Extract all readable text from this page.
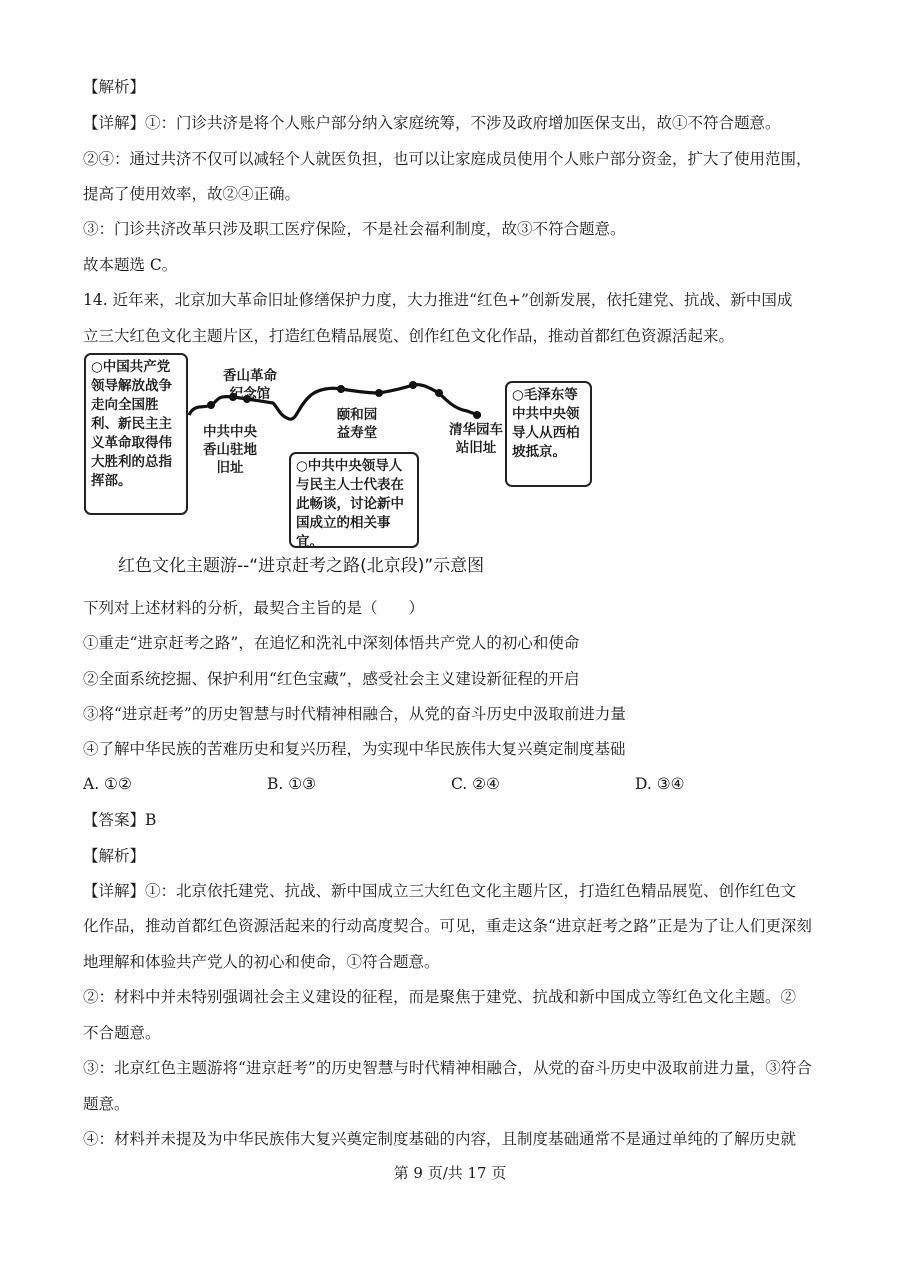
【解析】
【详解】①：门诊共济是将个人账户部分纳入家庭统筹，不涉及政府增加医保支出，故①不符合题意。
②④：通过共济不仅可以减轻个人就医负担，也可以让家庭成员使用个人账户部分资金，扩大了使用范围，
提高了使用效率，故②④正确。
③：门诊共济改革只涉及职工医疗保险，不是社会福利制度，故③不符合题意。
故本题选 C。
14. 近年来，北京加大革命旧址修缮保护力度，大力推进“红色+”创新发展，依托建党、抗战、新中国成
立三大红色文化主题片区，打造红色精品展览、创作红色文化作品，推动首都红色资源活起来。
○中国共产党领导解放战争走向全国胜利、新民主主义革命取得伟大胜利的总指挥部。
○中共中央领导人与民主人士代表在此畅谈，讨论新中国成立的相关事宜。
○毛泽东等中共中央领导人从西柏坡抵京。
香山革命纪念馆
中共中央香山驻地旧址
颐和园益寿堂	清华园车站旧址
红色文化主题游--“进京赶考之路(北京段)”示意图
下列对上述材料的分析，最契合主旨的是（　　）
①重走“进京赶考之路”，在追忆和洗礼中深刻体悟共产党人的初心和使命
②全面系统挖掘、保护利用“红色宝藏”，感受社会主义建设新征程的开启
③将“进京赶考”的历史智慧与时代精神相融合，从党的奋斗历史中汲取前进力量
④了解中华民族的苦难历史和复兴历程，为实现中华民族伟大复兴奠定制度基础
A. ①②	B. ①③	C. ②④	D. ③④
【答案】B
【解析】
【详解】①：北京依托建党、抗战、新中国成立三大红色文化主题片区，打造红色精品展览、创作红色文
化作品，推动首都红色资源活起来的行动高度契合。可见，重走这条“进京赶考之路”正是为了让人们更深刻
地理解和体验共产党人的初心和使命，①符合题意。
②：材料中并未特别强调社会主义建设的征程，而是聚焦于建党、抗战和新中国成立等红色文化主题。②
不合题意。
③：北京红色主题游将“进京赶考”的历史智慧与时代精神相融合，从党的奋斗历史中汲取前进力量，③符合
题意。
④：材料并未提及为中华民族伟大复兴奠定制度基础的内容，且制度基础通常不是通过单纯的了解历史就
第 9 页/共 17 页
